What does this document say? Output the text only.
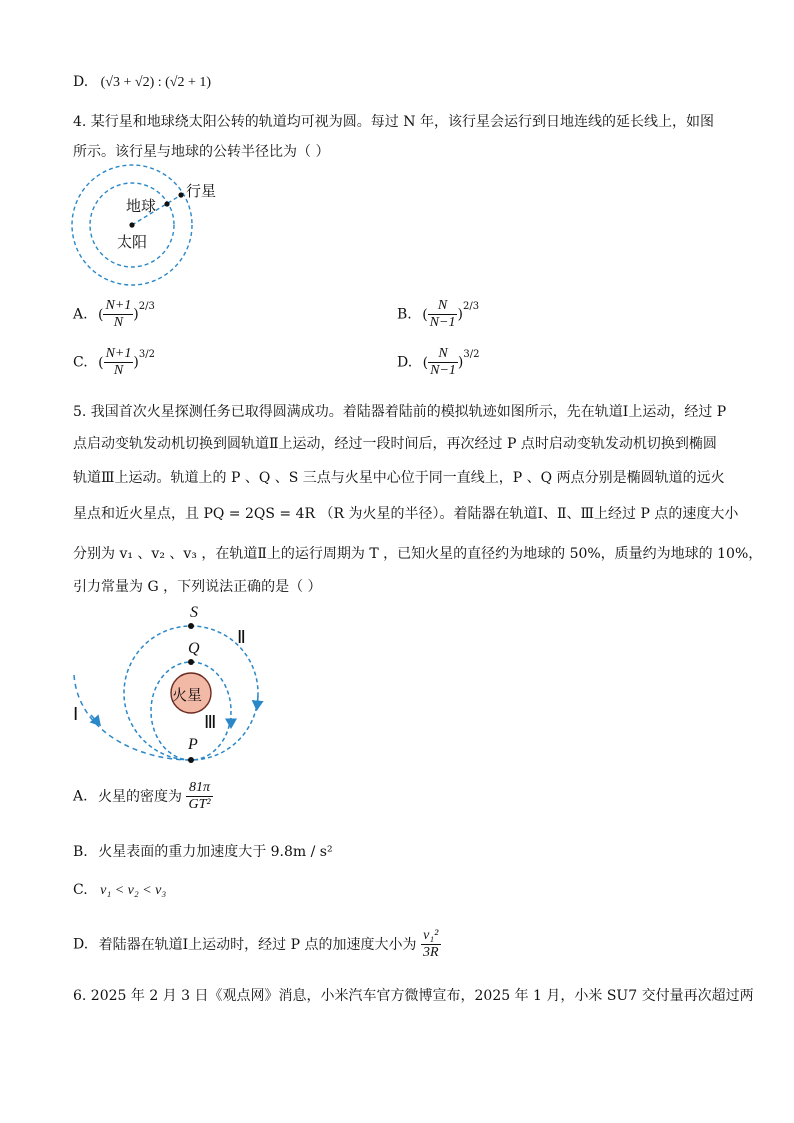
D. (√3 + √2) : (√2 + 1)
4. 某行星和地球绕太阳公转的轨道均可视为圆。每过 N 年，该行星会运行到日地连线的延长线上，如图
所示。该行星与地球的公转半径比为（ ）
行星
地球
太阳
A. ( $\frac{N+1}{N} )^{2/3}$
B. ( $\frac{N}{N-1} )^{2/3}$
C. ( $\frac{N+1}{N} )^{3/2}$
D. ( $\frac{N}{N-1} )^{3/2}$
5. 我国首次火星探测任务已取得圆满成功。着陆器着陆前的模拟轨迹如图所示，先在轨道Ⅰ上运动，经过 P
点启动变轨发动机切换到圆轨道Ⅱ上运动，经过一段时间后，再次经过 P 点时启动变轨发动机切换到椭圆
轨道Ⅲ上运动。轨道上的 P 、Q 、S 三点与火星中心位于同一直线上，P 、Q 两点分别是椭圆轨道的远火
星点和近火星点，且 PQ = 2QS = 4R （R 为火星的半径）。着陆器在轨道Ⅰ、Ⅱ、Ⅲ上经过 P 点的速度大小
分别为 v₁ 、v₂ 、v₃ ，在轨道Ⅱ上的运行周期为 T ，已知火星的直径约为地球的 50%，质量约为地球的 10%，
引力常量为 G ，下列说法正确的是（ ）
S
Q
P
火星
Ⅰ
Ⅱ
Ⅲ
A. 火星的密度为 $\frac{81\pi}{\text{GT²}}$
B. 火星表面的重力加速度大于 9.8m / s²
C. v₁ < v₂ < v₃
D. 着陆器在轨道Ⅰ上运动时，经过 P 点的加速度大小为 $\frac{\text{v₁²}}{3R}$
6. 2025 年 2 月 3 日《观点网》消息，小米汽车官方微博宣布，2025 年 1 月，小米 SU7 交付量再次超过两
